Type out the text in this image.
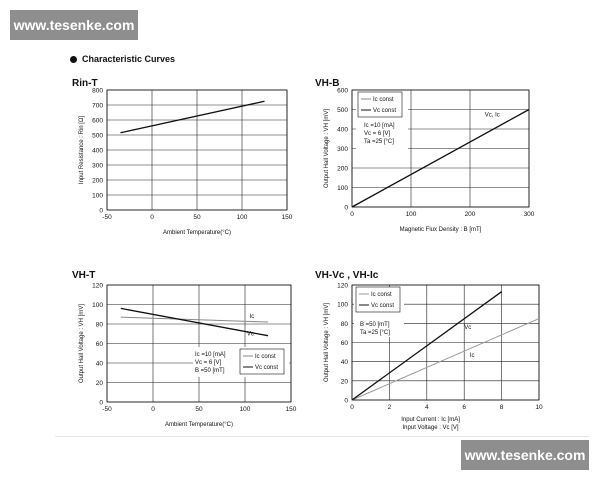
www.tesenke.com
Characteristic Curves
Rin-T
-50	0	50	100	150
0
100
200
300
400
500
600
700
800
Ambient Temperature(°C)
Input Resistance : Rin [Ω]
VH-B
0	100	200	300
0
100
200
300
400
500
600
Magnetic Flux Density : B [mT]
Output Hall Voltage : VH [mV]
Ic const
Vc const
Ic =10 [mA]
Vc = 6 [V]
Ta =25 [°C]
Vc, Ic
VH-T
-50	0	50	100	150
0
20
40
60
80
100
120
Ambient Temperature(°C)
Output Hall Voltage : VH [mV]	Ic =10 [mA]
Vc = 6 [V]
B =50 [mT]
Ic const
Vc const
Ic
Vc
VH-Vc , VH-Ic
0	2	4	6	8	10
0
20
40
60
80
100
120
Input Current : Ic [mA]
Input Voltage : Vc [V]
Output Hall Voltage : VH [mV]
Ic const
Vc const
B =50 [mT]
Ta =25 [°C]
Vc
Ic
www.tesenke.com
